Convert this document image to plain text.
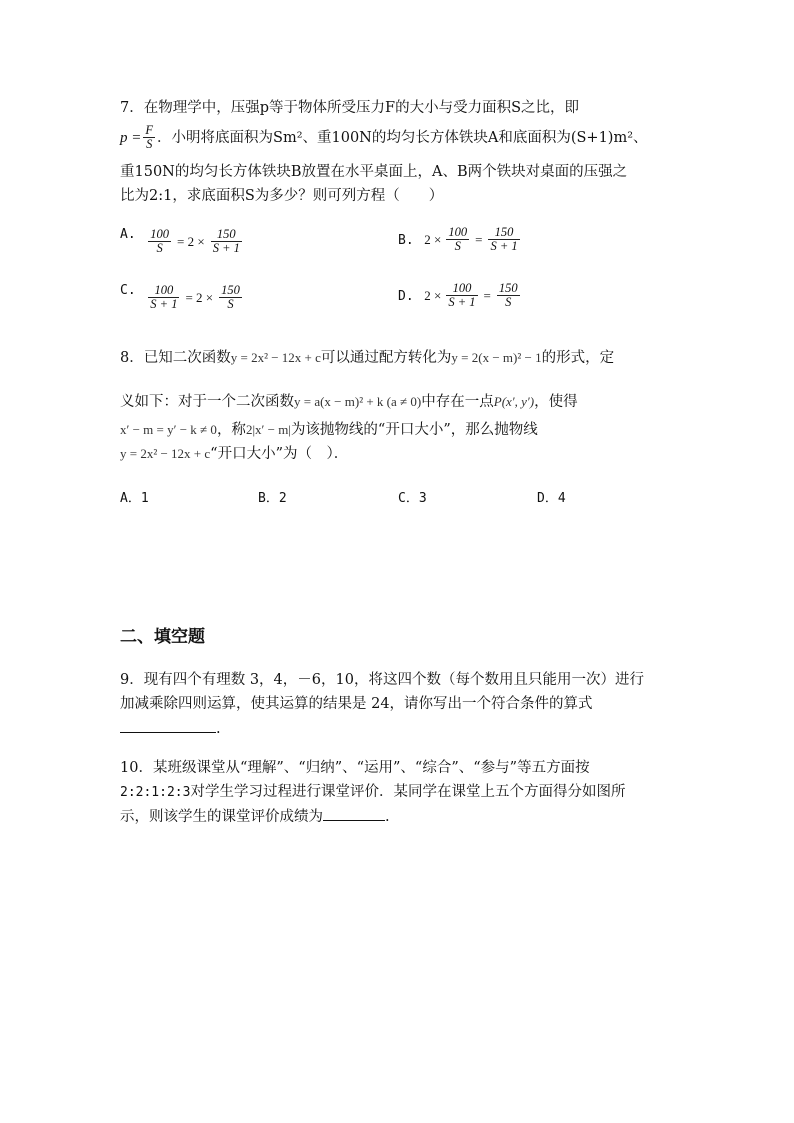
7．在物理学中，压强p等于物体所受压力F的大小与受力面积S之比，即
$p = \frac{F}{S}$ ．小明将底面积为Sm²、重100N的均匀长方体铁块A和底面积为(S+1)m²、
重150N的均匀长方体铁块B放置在水平桌面上，A、B两个铁块对桌面的压强之
比为2:1，求底面积S为多少？则可列方程（　　）
A. $\frac{100}{S} = 2 \times \frac{150}{S + 1}$	B. $2 \times \frac{100}{S} = \frac{150}{S + 1}$
C. $\frac{100}{S + 1} = 2 \times \frac{150}{S}$	D. $2 \times \frac{100}{S + 1} = \frac{150}{S}$
8．已知二次函数y = 2x² − 12x + c可以通过配方转化为y = 2(x − m)² − 1的形式，定
义如下：对于一个二次函数y = a(x − m)² + k (a ≠ 0)中存在一点P(x′, y′)，使得
x′ − m = y′ − k ≠ 0，称2|x′ − m|为该抛物线的“开口大小”，那么抛物线
y = 2x² − 12x + c“开口大小”为（　）．
A．1	B．2	C．3	D．4
二、填空题
9．现有四个有理数 3，4，－6，10，将这四个数（每个数用且只能用一次）进行
加减乘除四则运算，使其运算的结果是 24，请你写出一个符合条件的算式
.
10．某班级课堂从“理解”、“归纳”、“运用”、“综合”、“参与”等五方面按
2:2:1:2:3对学生学习过程进行课堂评价．某同学在课堂上五个方面得分如图所
示，则该学生的课堂评价成绩为	.
